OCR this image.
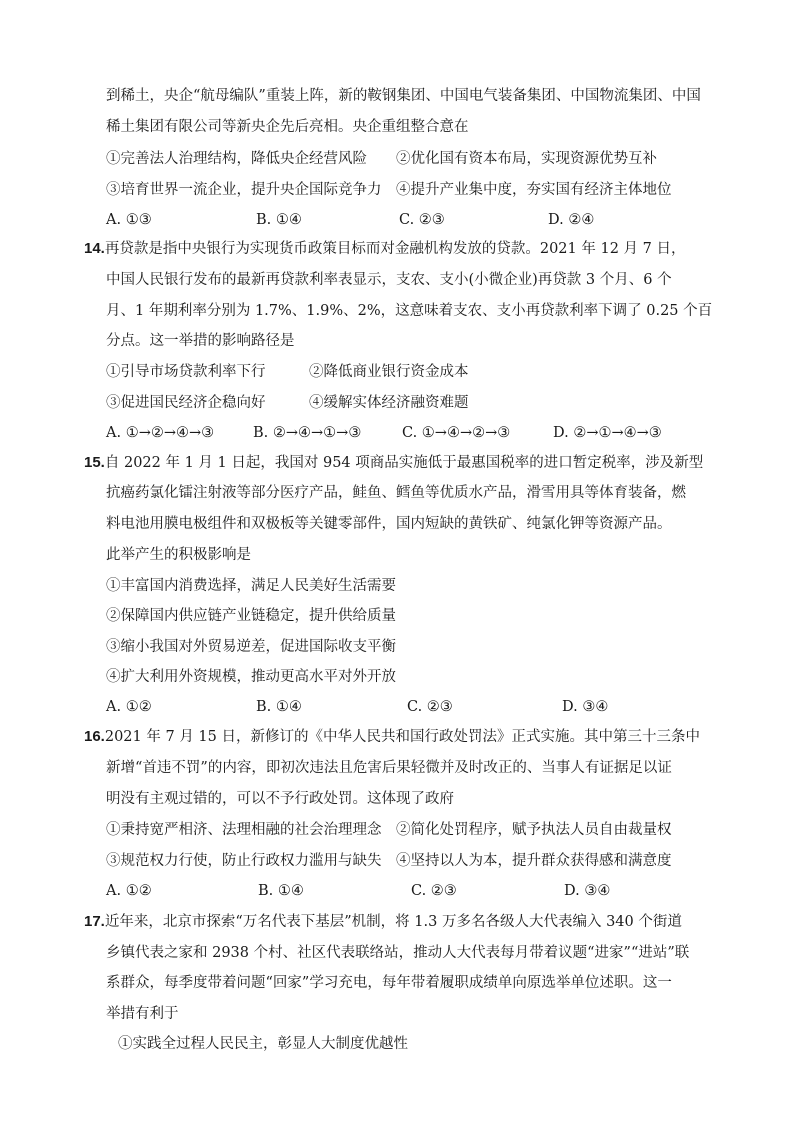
到稀土，央企“航母编队”重装上阵，新的鞍钢集团、中国电气装备集团、中国物流集团、中国
稀土集团有限公司等新央企先后亮相。央企重组整合意在
①完善法人治理结构，降低央企经营风险　　②优化国有资本布局，实现资源优势互补
③培育世界一流企业，提升央企国际竞争力　④提升产业集中度，夯实国有经济主体地位
A. ①③	B. ①④	C. ②③	D. ②④
14.再贷款是指中央银行为实现货币政策目标而对金融机构发放的贷款。2021 年 12 月 7 日，
中国人民银行发布的最新再贷款利率表显示，支农、支小(小微企业)再贷款 3 个月、6 个
月、1 年期利率分别为 1.7%、1.9%、2%，这意味着支农、支小再贷款利率下调了 0.25 个百
分点。这一举措的影响路径是
①引导市场贷款利率下行　　　②降低商业银行资金成本
③促进国民经济企稳向好　　　④缓解实体经济融资难题
A. ①→②→④→③	B. ②→④→①→③	C. ①→④→②→③	D. ②→①→④→③
15.自 2022 年 1 月 1 日起，我国对 954 项商品实施低于最惠国税率的进口暂定税率，涉及新型
抗癌药氯化镭注射液等部分医疗产品，鲑鱼、鳕鱼等优质水产品，滑雪用具等体育装备，燃
料电池用膜电极组件和双极板等关键零部件，国内短缺的黄铁矿、纯氯化钾等资源产品。
此举产生的积极影响是
①丰富国内消费选择，满足人民美好生活需要
②保障国内供应链产业链稳定，提升供给质量
③缩小我国对外贸易逆差，促进国际收支平衡
④扩大利用外资规模，推动更高水平对外开放
A. ①②	B. ①④	C. ②③	D. ③④
16.2021 年 7 月 15 日，新修订的《中华人民共和国行政处罚法》正式实施。其中第三十三条中
新增“首违不罚”的内容，即初次违法且危害后果轻微并及时改正的、当事人有证据足以证
明没有主观过错的，可以不予行政处罚。这体现了政府
①秉持宽严相济、法理相融的社会治理理念　②简化处罚程序，赋予执法人员自由裁量权
③规范权力行使，防止行政权力滥用与缺失　④坚持以人为本，提升群众获得感和满意度
A. ①②	B. ①④	C. ②③	D. ③④
17.近年来，北京市探索“万名代表下基层”机制，将 1.3 万多名各级人大代表编入 340 个街道
乡镇代表之家和 2938 个村、社区代表联络站，推动人大代表每月带着议题“进家”“进站”联
系群众，每季度带着问题“回家”学习充电，每年带着履职成绩单向原选举单位述职。这一
举措有利于
①实践全过程人民民主，彰显人大制度优越性
